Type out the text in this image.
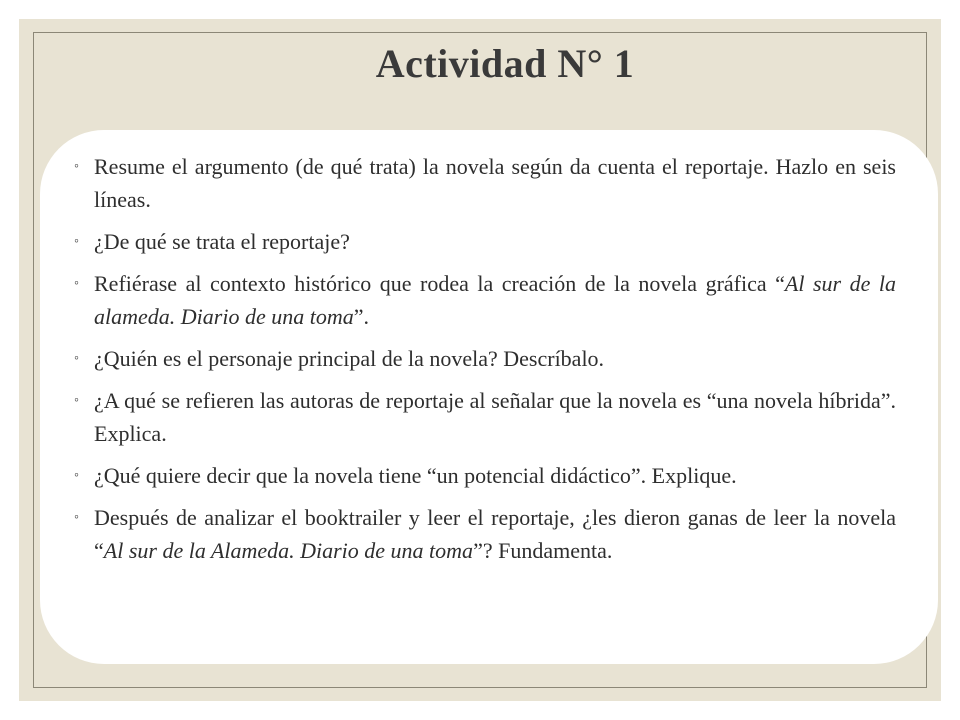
Actividad N° 1
◦ Resume el argumento (de qué trata) la novela según da cuenta el reportaje. Hazlo en seis líneas.
◦ ¿De qué se trata el reportaje?
◦ Refiérase al contexto histórico que rodea la creación de la novela gráfica “Al sur de la alameda. Diario de una toma”.
◦ ¿Quién es el personaje principal de la novela? Descríbalo.
◦ ¿A qué se refieren las autoras de reportaje al señalar que la novela es “una novela híbrida”. Explica.
◦ ¿Qué quiere decir que la novela tiene “un potencial didáctico”. Explique.
◦ Después de analizar el booktrailer y leer el reportaje, ¿les dieron ganas de leer la novela “Al sur de la Alameda. Diario de una toma”? Fundamenta.
